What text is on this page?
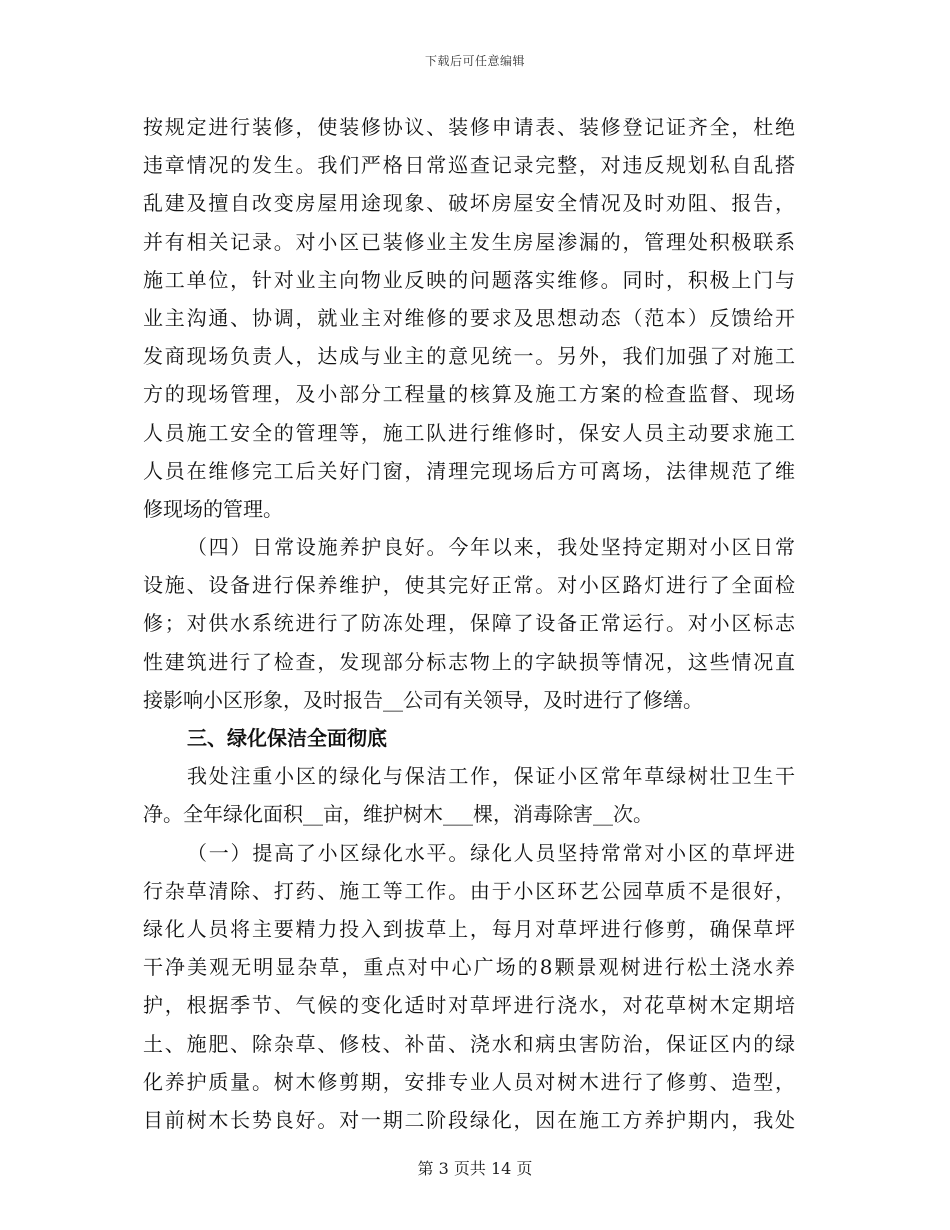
下载后可任意编辑
按规定进行装修，使装修协议、装修申请表、装修登记证齐全，杜绝
违章情况的发生。我们严格日常巡查记录完整，对违反规划私自乱搭
乱建及擅自改变房屋用途现象、破坏房屋安全情况及时劝阻、报告，
并有相关记录。对小区已装修业主发生房屋渗漏的，管理处积极联系
施工单位，针对业主向物业反映的问题落实维修。同时，积极上门与
业主沟通、协调，就业主对维修的要求及思想动态（范本）反馈给开
发商现场负责人，达成与业主的意见统一。另外，我们加强了对施工
方的现场管理，及小部分工程量的核算及施工方案的检查监督、现场
人员施工安全的管理等，施工队进行维修时，保安人员主动要求施工
人员在维修完工后关好门窗，清理完现场后方可离场，法律规范了维
修现场的管理。
（四）日常设施养护良好。今年以来，我处坚持定期对小区日常
设施、设备进行保养维护，使其完好正常。对小区路灯进行了全面检
修；对供水系统进行了防冻处理，保障了设备正常运行。对小区标志
性建筑进行了检查，发现部分标志物上的字缺损等情况，这些情况直
接影响小区形象，及时报告__公司有关领导，及时进行了修缮。
三、绿化保洁全面彻底
我处注重小区的绿化与保洁工作，保证小区常年草绿树壮卫生干
净。全年绿化面积__亩，维护树木___棵，消毒除害__次。
（一）提高了小区绿化水平。绿化人员坚持常常对小区的草坪进
行杂草清除、打药、施工等工作。由于小区环艺公园草质不是很好，
绿化人员将主要精力投入到拔草上，每月对草坪进行修剪，确保草坪
干净美观无明显杂草，重点对中心广场的8颗景观树进行松土浇水养
护，根据季节、气候的变化适时对草坪进行浇水，对花草树木定期培
土、施肥、除杂草、修枝、补苗、浇水和病虫害防治，保证区内的绿
化养护质量。树木修剪期，安排专业人员对树木进行了修剪、造型，
目前树木长势良好。对一期二阶段绿化，因在施工方养护期内，我处
第 3 页共 14 页
